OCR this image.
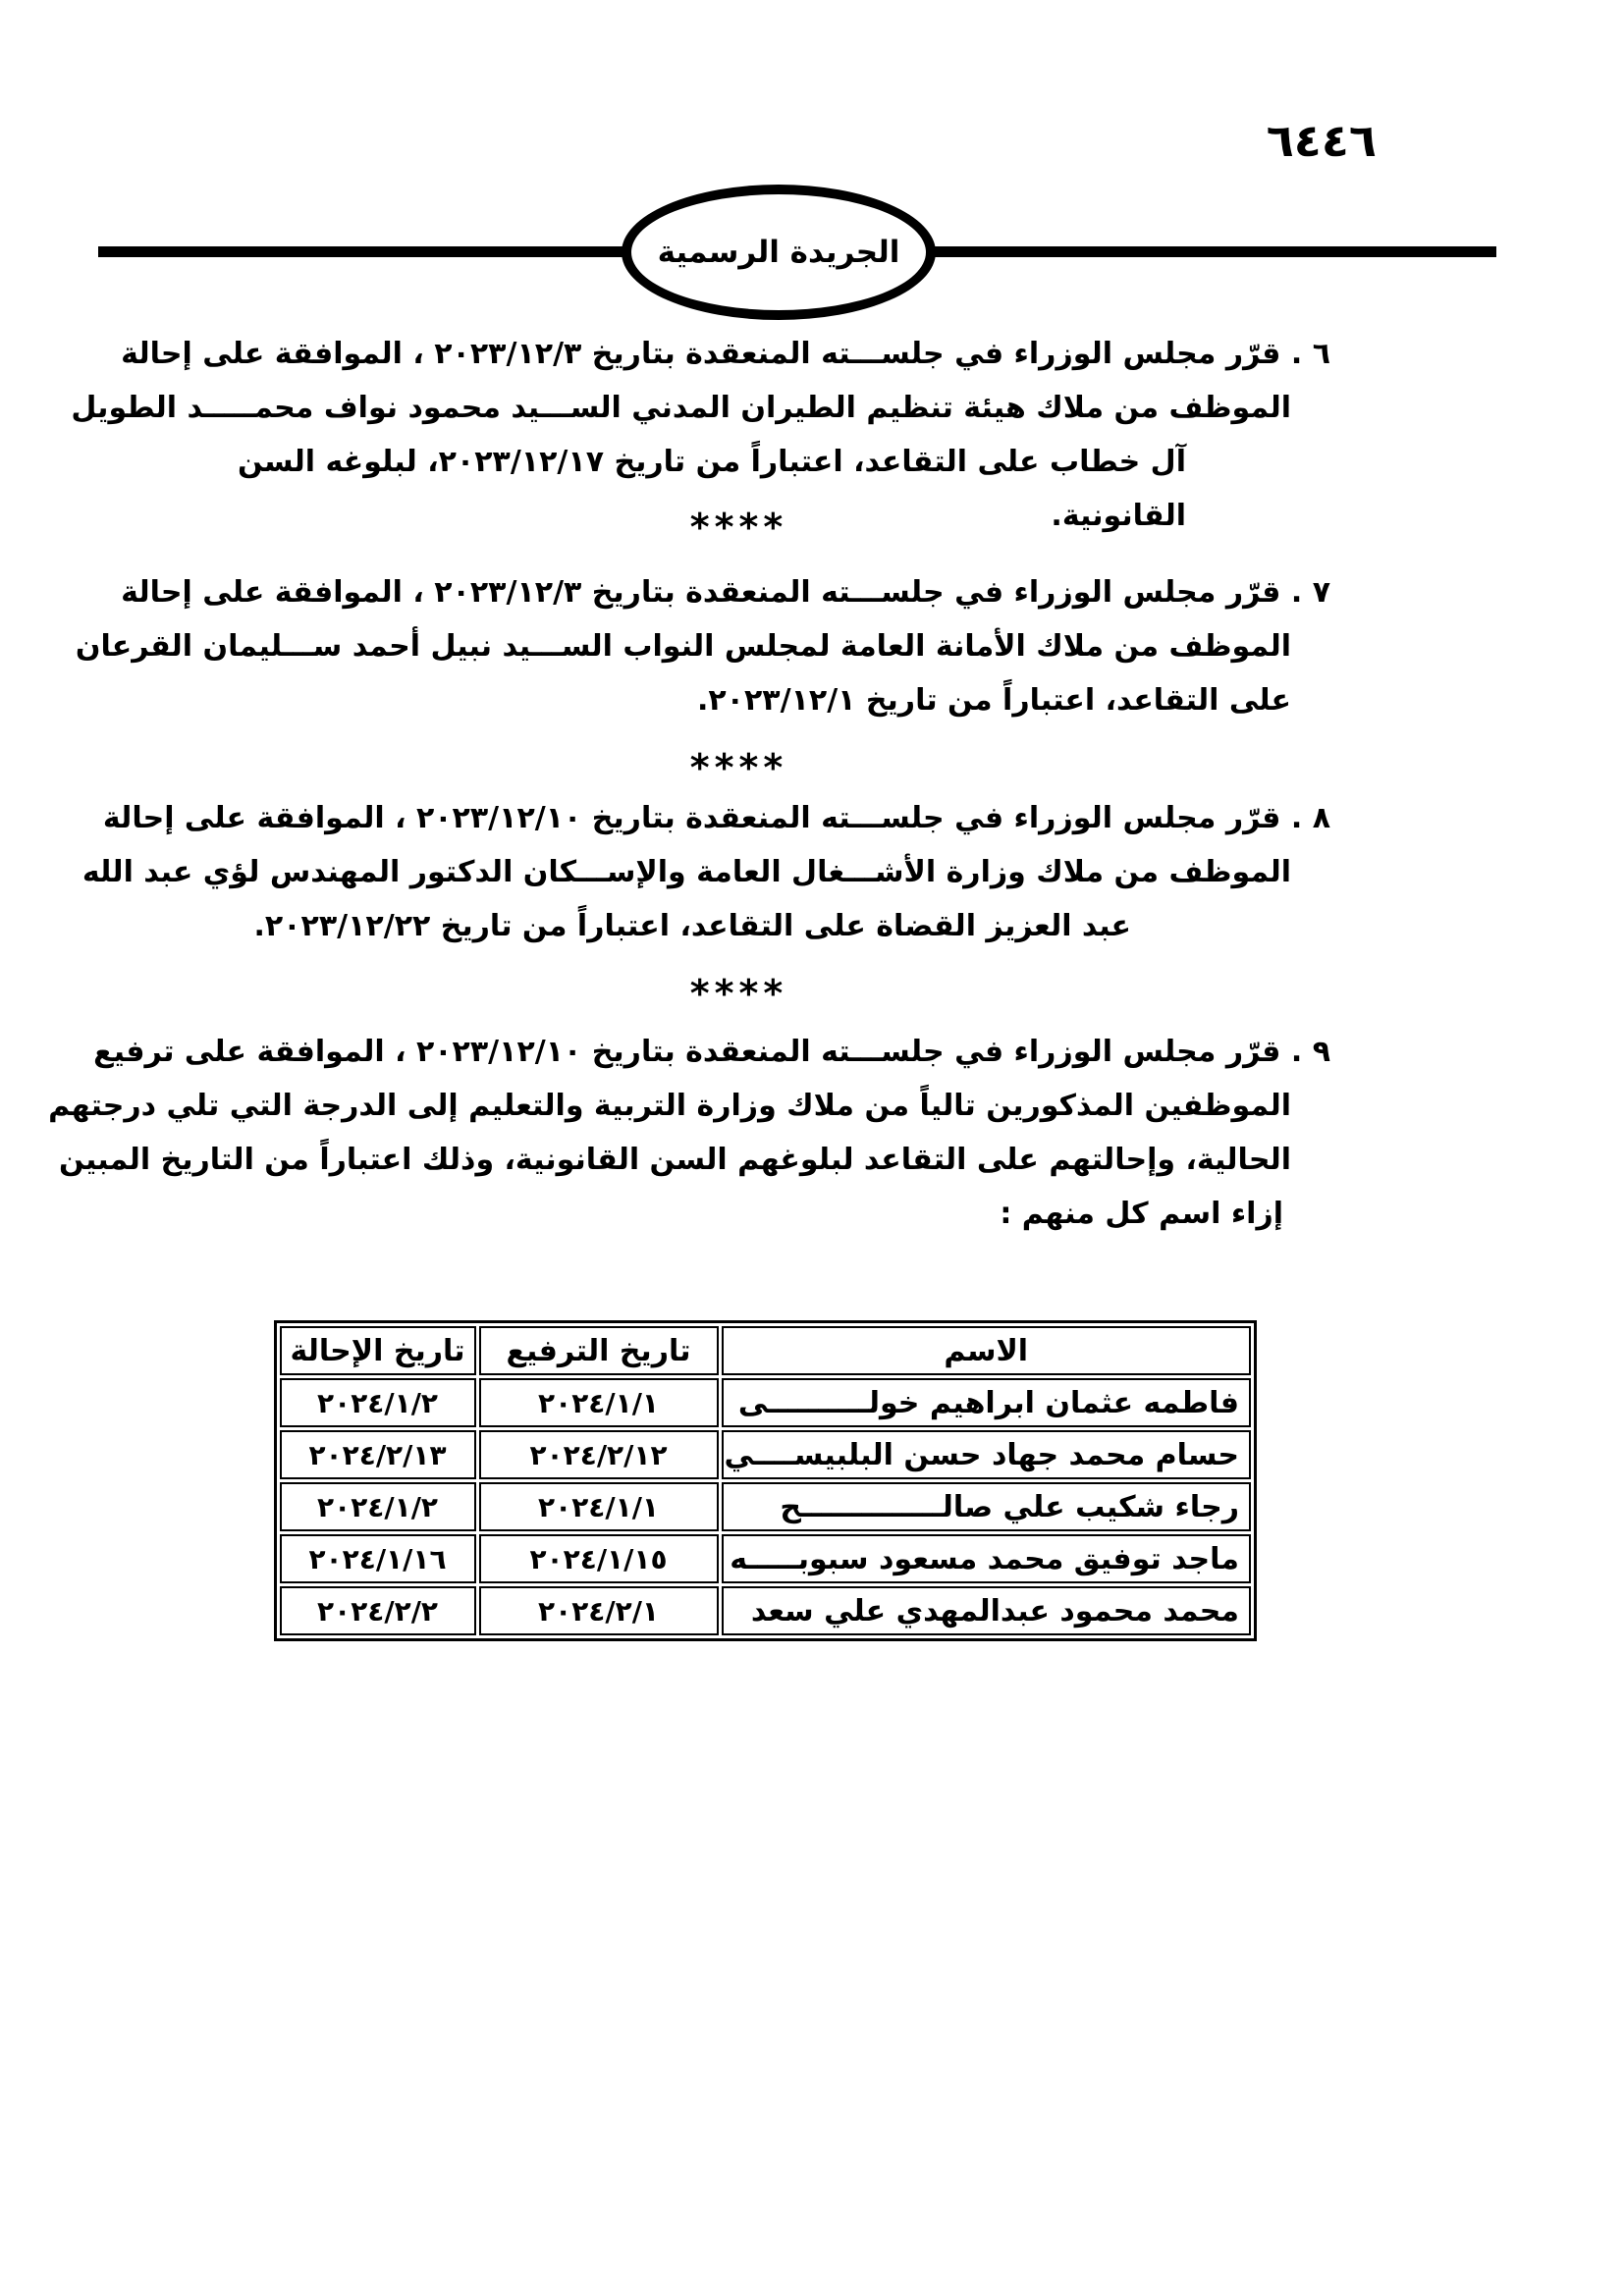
٦٤٤٦
الجريدة الرسمية
٦ . قرّر مجلس الوزراء في جلســـته المنعقدة بتاريخ ٢٠٢٣/١٢/٣ ، الموافقة على إحالة
الموظف من ملاك هيئة تنظيم الطيران المدني الســـيد محمود نواف محمـــــد الطويل
آل خطاب على التقاعد، اعتباراً من تاريخ ٢٠٢٣/١٢/١٧، لبلوغه السن القانونية.
****
٧ . قرّر مجلس الوزراء في جلســـته المنعقدة بتاريخ ٢٠٢٣/١٢/٣ ، الموافقة على إحالة
الموظف من ملاك الأمانة العامة لمجلس النواب الســـيد نبيل أحمد ســـليمان القرعان
على التقاعد، اعتباراً من تاريخ ٢٠٢٣/١٢/١.
****
٨ . قرّر مجلس الوزراء في جلســـته المنعقدة بتاريخ ٢٠٢٣/١٢/١٠ ، الموافقة على إحالة
الموظف من ملاك وزارة الأشـــغال العامة والإســـكان الدكتور المهندس لؤي عبد الله
عبد العزيز القضاة على التقاعد، اعتباراً من تاريخ ٢٠٢٣/١٢/٢٢.
****
٩ . قرّر مجلس الوزراء في جلســـته المنعقدة بتاريخ ٢٠٢٣/١٢/١٠ ، الموافقة على ترفيع
الموظفين المذكورين تالياً من ملاك وزارة التربية والتعليم إلى الدرجة التي تلي درجتهم
الحالية، وإحالتهم على التقاعد لبلوغهم السن القانونية، وذلك اعتباراً من التاريخ المبين
إزاء اسم كل منهم :
الاسم	تاريخ الترفيع	تاريخ الإحالة
فاطمه عثمان ابراهيم خولــــــــــى	٢٠٢٤/١/١	٢٠٢٤/١/٢
حسام محمد جهاد حسن البلبيســــي	٢٠٢٤/٢/١٢	٢٠٢٤/٢/١٣
رجاء شكيب علي صالــــــــــــــح	٢٠٢٤/١/١	٢٠٢٤/١/٢
ماجد توفيق محمد مسعود سبوبـــــه	٢٠٢٤/١/١٥	٢٠٢٤/١/١٦
محمد محمود عبدالمهدي علي سعد	٢٠٢٤/٢/١	٢٠٢٤/٢/٢
